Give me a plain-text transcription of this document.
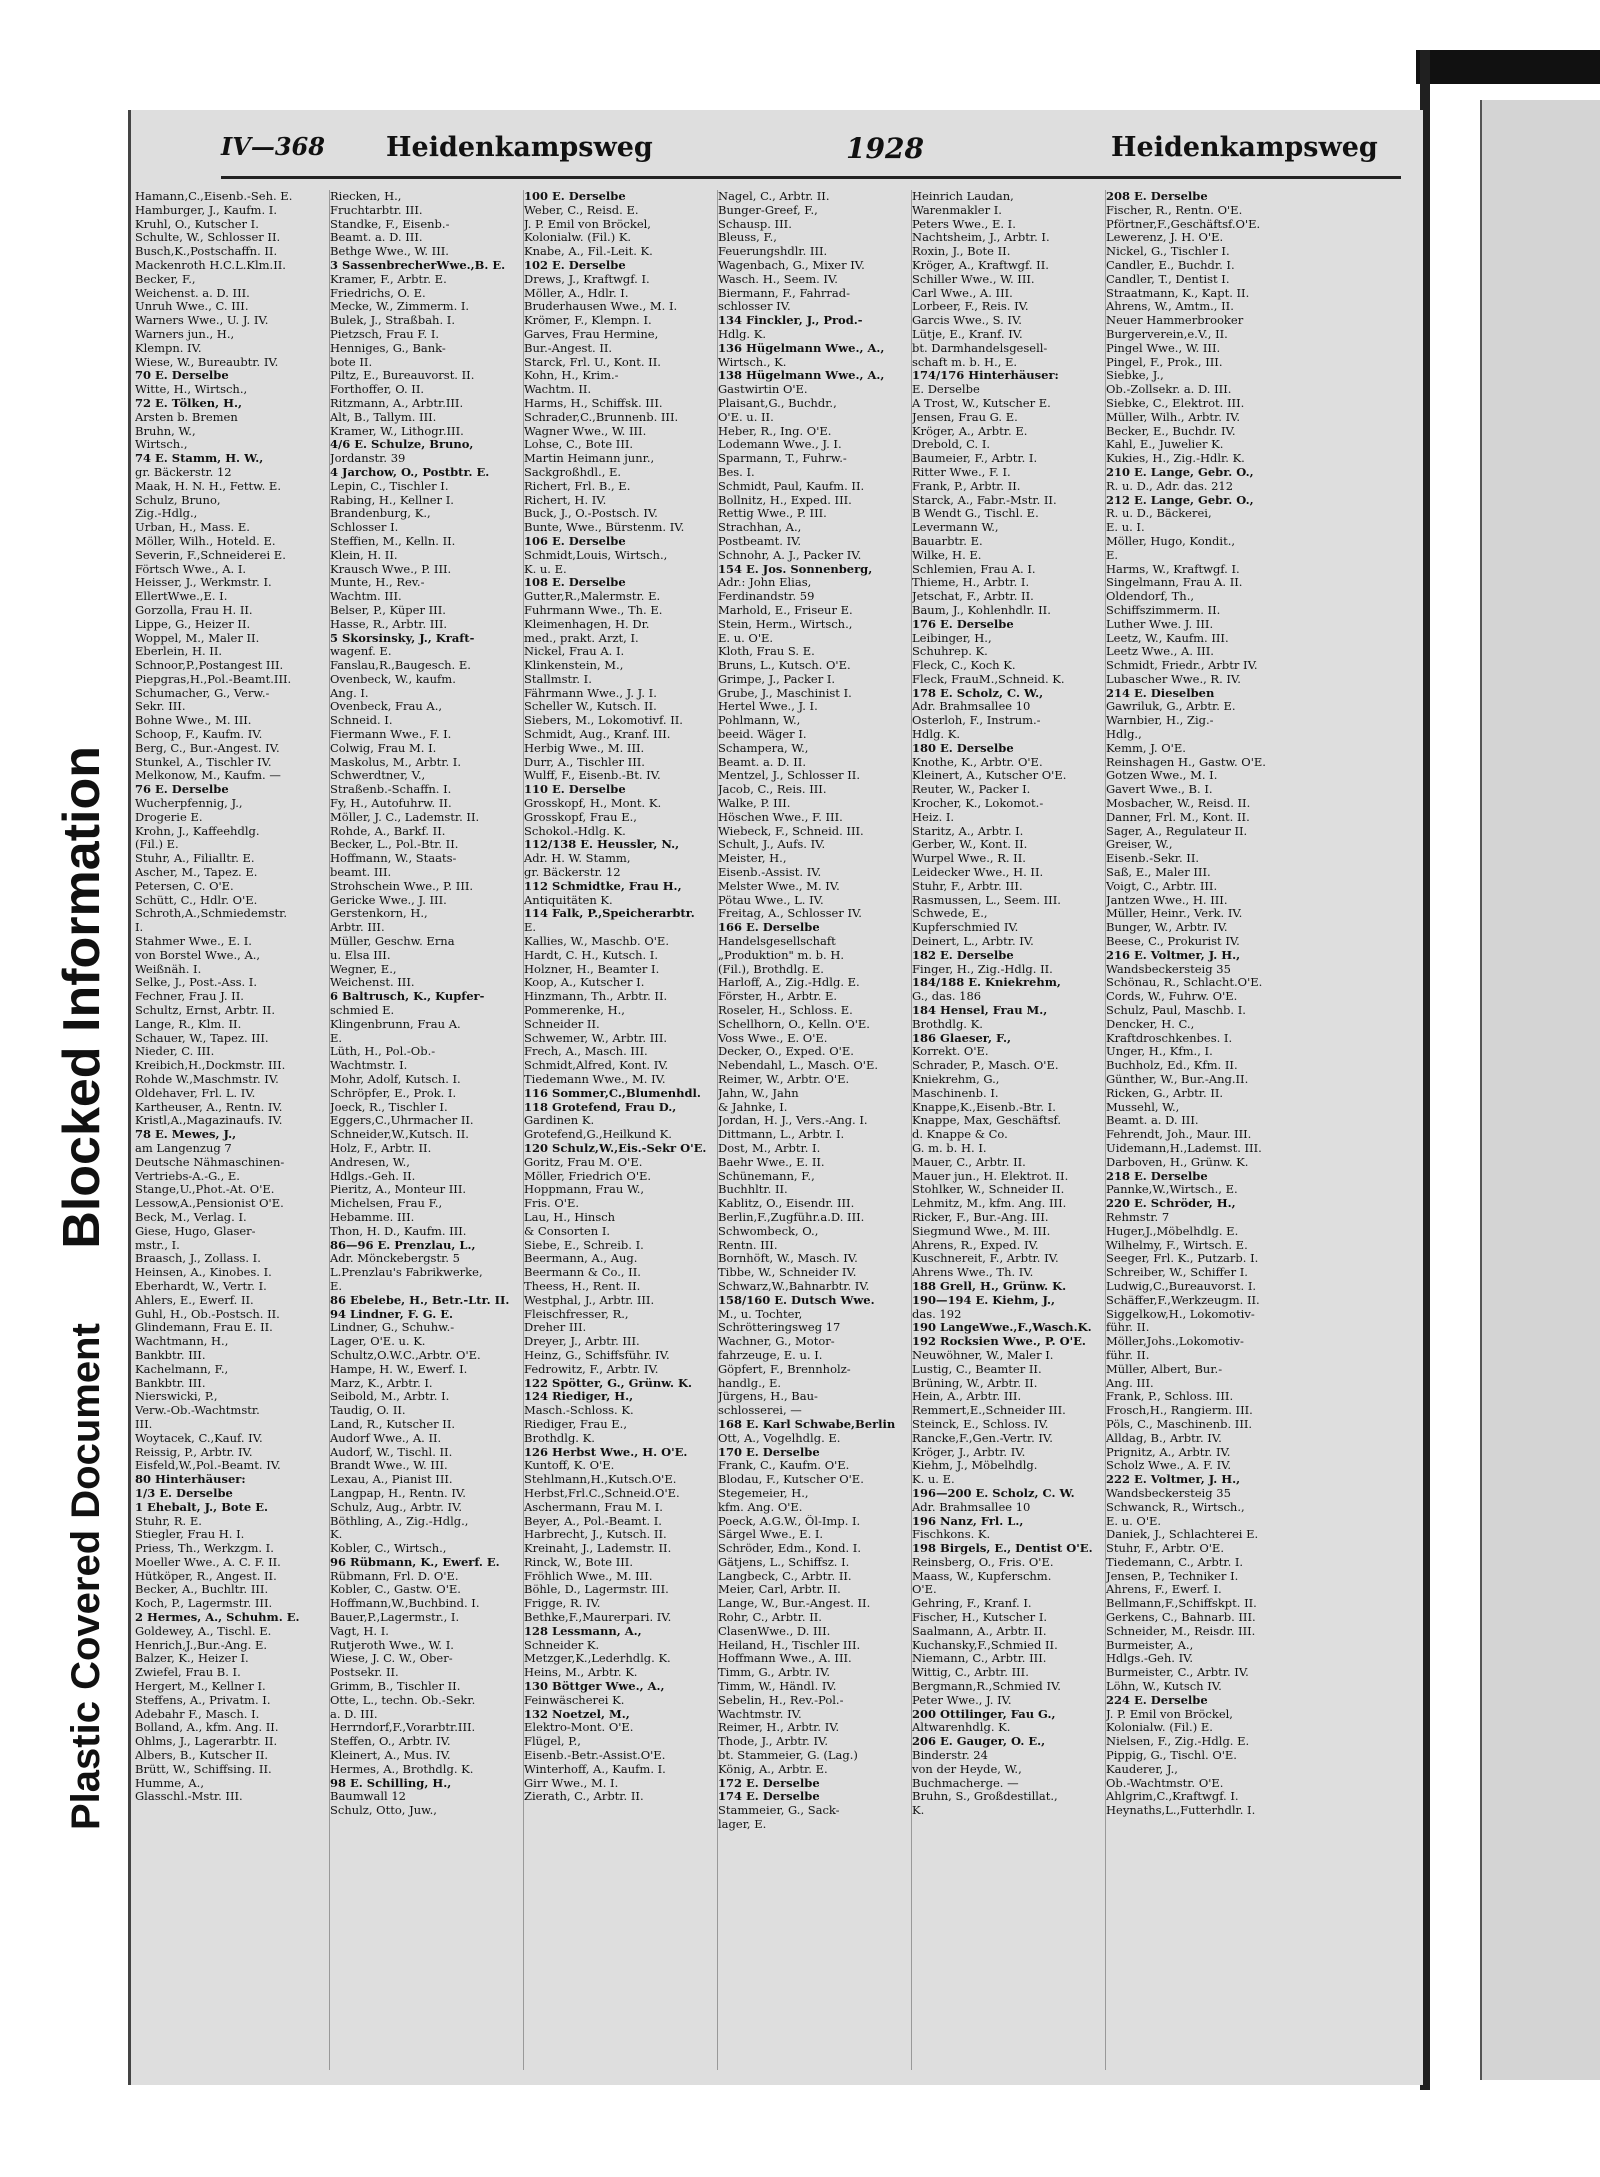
Plastic Covered Document Blocked Information
IV—368 Heidenkampsweg	1928	Heidenkampsweg
Hamann,C.,Eisenb.-Seh. E.
Hamburger, J., Kaufm. I.
Kruhl, O., Kutscher I.
Schulte, W., Schlosser II.
Busch,K.,Postschaffn. II.
Mackenroth H.C.L.Klm.II.
Becker, F.,
Weichenst. a. D. III.
Unruh Wwe., C. III.
Warners Wwe., U. J. IV.
Warners jun., H.,
Klempn. IV.
Wiese, W., Bureaubtr. IV.
70 E. Derselbe
Witte, H., Wirtsch.,
72 E. Tölken, H.,
Arsten b. Bremen
Bruhn, W.,
Wirtsch.,
74 E. Stamm, H. W.,
gr. Bäckerstr. 12
Maak, H. N. H., Fettw. E.
Schulz, Bruno,
Zig.-Hdlg.,
Urban, H., Mass. E.
Möller, Wilh., Hoteld. E.
Severin, F.,Schneiderei E.
Förtsch Wwe., A. I.
Heisser, J., Werkmstr. I.
EllertWwe.,E. I.
Gorzolla, Frau H. II.
Lippe, G., Heizer II.
Woppel, M., Maler II.
Eberlein, H. II.
Schnoor,P.,Postangest III.
Piepgras,H.,Pol.-Beamt.III.
Schumacher, G., Verw.-
Sekr. III.
Bohne Wwe., M. III.
Schoop, F., Kaufm. IV.
Berg, C., Bur.-Angest. IV.
Stunkel, A., Tischler IV.
Melkonow, M., Kaufm. —
76 E. Derselbe
Wucherpfennig, J.,
Drogerie E.
Krohn, J., Kaffeehdlg.
(Fil.) E.
Stuhr, A., Filialltr. E.
Ascher, M., Tapez. E.
Petersen, C. O'E.
Schütt, C., Hdlr. O'E.
Schroth,A.,Schmiedemstr.
I.
Stahmer Wwe., E. I.
von Borstel Wwe., A.,
Weißnäh. I.
Selke, J., Post.-Ass. I.
Fechner, Frau J. II.
Schultz, Ernst, Arbtr. II.
Lange, R., Klm. II.
Schauer, W., Tapez. III.
Nieder, C. III.
Kreibich,H.,Dockmstr. III.
Rohde W.,Maschmstr. IV.
Oldehaver, Frl. L. IV.
Kartheuser, A., Rentn. IV.
Kristl,A.,Magazinaufs. IV.
78 E. Mewes, J.,
am Langenzug 7
Deutsche Nähmaschinen-
Vertriebs-A.-G., E.
Stange,U.,Phot.-At. O'E.
Lessow,A.,Pensionist O'E.
Beck, M., Verlag. I.
Giese, Hugo, Glaser-
mstr., I.
Braasch, J., Zollass. I.
Heinsen, A., Kinobes. I.
Eberhardt, W., Vertr. I.
Ahlers, E., Ewerf. II.
Guhl, H., Ob.-Postsch. II.
Glindemann, Frau E. II.
Wachtmann, H.,
Bankbtr. III.
Kachelmann, F.,
Bankbtr. III.
Nierswicki, P.,
Verw.-Ob.-Wachtmstr.
III.
Woytacek, C.,Kauf. IV.
Reissig, P., Arbtr. IV.
Eisfeld,W.,Pol.-Beamt. IV.
80 Hinterhäuser:
1/3 E. Derselbe
1 Ehebalt, J., Bote E.
Stuhr, R. E.
Stiegler, Frau H. I.
Priess, Th., Werkzgm. I.
Moeller Wwe., A. C. F. II.
Hütköper, R., Angest. II.
Becker, A., Buchltr. III.
Koch, P., Lagermstr. III.
2 Hermes, A., Schuhm. E.
Goldewey, A., Tischl. E.
Henrich,J.,Bur.-Ang. E.
Balzer, K., Heizer I.
Zwiefel, Frau B. I.
Hergert, M., Kellner I.
Steffens, A., Privatm. I.
Adebahr F., Masch. I.
Bolland, A., kfm. Ang. II.
Ohlms, J., Lagerarbtr. II.
Albers, B., Kutscher II.
Brütt, W., Schiffsing. II.
Humme, A.,
Glasschl.-Mstr. III.
Riecken, H.,
Fruchtarbtr. III.
Standke, F., Eisenb.-
Beamt. a. D. III.
Bethge Wwe., W. III.
3 SassenbrecherWwe.,B. E.
Kramer, F., Arbtr. E.
Friedrichs, O. E.
Mecke, W., Zimmerm. I.
Bulek, J., Straßbah. I.
Pietzsch, Frau F. I.
Henniges, G., Bank-
bote II.
Piltz, E., Bureauvorst. II.
Forthoffer, O. II.
Ritzmann, A., Arbtr.III.
Alt, B., Tallym. III.
Kramer, W., Lithogr.III.
4/6 E. Schulze, Bruno,
Jordanstr. 39
4 Jarchow, O., Postbtr. E.
Lepin, C., Tischler I.
Rabing, H., Kellner I.
Brandenburg, K.,
Schlosser I.
Steffien, M., Kelln. II.
Klein, H. II.
Krausch Wwe., P. III.
Munte, H., Rev.-
Wachtm. III.
Belser, P., Küper III.
Hasse, R., Arbtr. III.
5 Skorsinsky, J., Kraft-
wagenf. E.
Fanslau,R.,Baugesch. E.
Ovenbeck, W., kaufm.
Ang. I.
Ovenbeck, Frau A.,
Schneid. I.
Fiermann Wwe., F. I.
Colwig, Frau M. I.
Maskolus, M., Arbtr. I.
Schwerdtner, V.,
Straßenb.-Schaffn. I.
Fy, H., Autofuhrw. II.
Möller, J. C., Lademstr. II.
Rohde, A., Barkf. II.
Becker, L., Pol.-Btr. II.
Hoffmann, W., Staats-
beamt. III.
Strohschein Wwe., P. III.
Gericke Wwe., J. III.
Gerstenkorn, H.,
Arbtr. III.
Müller, Geschw. Erna
u. Elsa III.
Wegner, E.,
Weichenst. III.
6 Baltrusch, K., Kupfer-
schmied E.
Klingenbrunn, Frau A.
E.
Lüth, H., Pol.-Ob.-
Wachtmstr. I.
Mohr, Adolf, Kutsch. I.
Schröpfer, E., Prok. I.
Joeck, R., Tischler I.
Eggers,C.,Uhrmacher II.
Schneider,W.,Kutsch. II.
Holz, F., Arbtr. II.
Andresen, W.,
Hdlgs.-Geh. II.
Pieritz, A., Monteur III.
Michelsen, Frau F.,
Hebamme. III.
Thon, H. D., Kaufm. III.
86—96 E. Prenzlau, L.,
Adr. Mönckebergstr. 5
L.Prenzlau's Fabrikwerke,
E.
86 Ebelebe, H., Betr.-Ltr. II.
94 Lindner, F. G. E.
Lindner, G., Schuhw.-
Lager, O'E. u. K.
Schultz,O.W.C.,Arbtr. O'E.
Hampe, H. W., Ewerf. I.
Marz, K., Arbtr. I.
Seibold, M., Arbtr. I.
Taudig, O. II.
Land, R., Kutscher II.
Audorf Wwe., A. II.
Audorf, W., Tischl. II.
Brandt Wwe., W. III.
Lexau, A., Pianist III.
Langpap, H., Rentn. IV.
Schulz, Aug., Arbtr. IV.
Böthling, A., Zig.-Hdlg.,
K.
Kobler, C., Wirtsch.,
96 Rübmann, K., Ewerf. E.
Rübmann, Frl. D. O'E.
Kobler, C., Gastw. O'E.
Hoffmann,W.,Buchbind. I.
Bauer,P.,Lagermstr., I.
Vagt, H. I.
Rutjeroth Wwe., W. I.
Wiese, J. C. W., Ober-
Postsekr. II.
Grimm, B., Tischler II.
Otte, L., techn. Ob.-Sekr.
a. D. III.
Herrndorf,F.,Vorarbtr.III.
Steffen, O., Arbtr. IV.
Kleinert, A., Mus. IV.
Hermes, A., Brothdlg. K.
98 E. Schilling, H.,
Baumwall 12
Schulz, Otto, Juw.,
100 E. Derselbe
Weber, C., Reisd. E.
J. P. Emil von Bröckel,
Kolonialw. (Fil.) K.
Knabe, A., Fil.-Leit. K.
102 E. Derselbe
Drews, J., Kraftwgf. I.
Möller, A., Hdlr. I.
Bruderhausen Wwe., M. I.
Krömer, F., Klempn. I.
Garves, Frau Hermine,
Bur.-Angest. II.
Starck, Frl. U., Kont. II.
Kohn, H., Krim.-
Wachtm. II.
Harms, H., Schiffsk. III.
Schrader,C.,Brunnenb. III.
Wagner Wwe., W. III.
Lohse, C., Bote III.
Martin Heimann junr.,
Sackgroßhdl., E.
Richert, Frl. B., E.
Richert, H. IV.
Buck, J., O.-Postsch. IV.
Bunte, Wwe., Bürstenm. IV.
106 E. Derselbe
Schmidt,Louis, Wirtsch.,
K. u. E.
108 E. Derselbe
Gutter,R.,Malermstr. E.
Fuhrmann Wwe., Th. E.
Kleimenhagen, H. Dr.
med., prakt. Arzt, I.
Nickel, Frau A. I.
Klinkenstein, M.,
Stallmstr. I.
Fährmann Wwe., J. J. I.
Scheller W., Kutsch. II.
Siebers, M., Lokomotivf. II.
Schmidt, Aug., Kranf. III.
Herbig Wwe., M. III.
Durr, A., Tischler III.
Wulff, F., Eisenb.-Bt. IV.
110 E. Derselbe
Grosskopf, H., Mont. K.
Grosskopf, Frau E.,
Schokol.-Hdlg. K.
112/138 E. Heussler, N.,
Adr. H. W. Stamm,
gr. Bäckerstr. 12
112 Schmidtke, Frau H.,
Antiquitäten K.
114 Falk, P.,Speicherarbtr.
E.
Kallies, W., Maschb. O'E.
Hardt, C. H., Kutsch. I.
Holzner, H., Beamter I.
Koop, A., Kutscher I.
Hinzmann, Th., Arbtr. II.
Pommerenke, H.,
Schneider II.
Schwemer, W., Arbtr. III.
Frech, A., Masch. III.
Schmidt,Alfred, Kont. IV.
Tiedemann Wwe., M. IV.
116 Sommer,C.,Blumenhdl.
118 Grotefend, Frau D.,
Gardinen K.
Grotefend,G.,Heilkund K.
120 Schulz,W.,Eis.-Sekr O'E.
Goritz, Frau M. O'E.
Möller, Friedrich O'E.
Hoppmann, Frau W.,
Fris. O'E.
Lau, H., Hinsch
& Consorten I.
Siebe, E., Schreib. I.
Beermann, A., Aug.
Beermann & Co., II.
Theess, H., Rent. II.
Westphal, J., Arbtr. III.
Fleischfresser, R.,
Dreher III.
Dreyer, J., Arbtr. III.
Heinz, G., Schiffsführ. IV.
Fedrowitz, F., Arbtr. IV.
122 Spötter, G., Grünw. K.
124 Riediger, H.,
Masch.-Schloss. K.
Riediger, Frau E.,
Brothdlg. K.
126 Herbst Wwe., H. O'E.
Kuntoff, K. O'E.
Stehlmann,H.,Kutsch.O'E.
Herbst,Frl.C.,Schneid.O'E.
Aschermann, Frau M. I.
Beyer, A., Pol.-Beamt. I.
Harbrecht, J., Kutsch. II.
Kreinaht, J., Lademstr. II.
Rinck, W., Bote III.
Fröhlich Wwe., M. III.
Böhle, D., Lagermstr. III.
Frigge, R. IV.
Bethke,F.,Maurerpari. IV.
128 Lessmann, A.,
Schneider K.
Metzger,K.,Lederhdlg. K.
Heins, M., Arbtr. K.
130 Böttger Wwe., A.,
Feinwäscherei K.
132 Noetzel, M.,
Elektro-Mont. O'E.
Flügel, P.,
Eisenb.-Betr.-Assist.O'E.
Winterhoff, A., Kaufm. I.
Girr Wwe., M. I.
Zierath, C., Arbtr. II.
Nagel, C., Arbtr. II.
Bunger-Greef, F.,
Schausp. III.
Bleuss, F.,
Feuerungshdlr. III.
Wagenbach, G., Mixer IV.
Wasch. H., Seem. IV.
Biermann, F., Fahrrad-
schlosser IV.
134 Finckler, J., Prod.-
Hdlg. K.
136 Hügelmann Wwe., A.,
Wirtsch., K.
138 Hügelmann Wwe., A.,
Gastwirtin O'E.
Plaisant,G., Buchdr.,
O'E. u. II.
Heber, R., Ing. O'E.
Lodemann Wwe., J. I.
Sparmann, T., Fuhrw.-
Bes. I.
Schmidt, Paul, Kaufm. II.
Bollnitz, H., Exped. III.
Rettig Wwe., P. III.
Strachhan, A.,
Postbeamt. IV.
Schnohr, A. J., Packer IV.
154 E. Jos. Sonnenberg,
Adr.: John Elias,
Ferdinandstr. 59
Marhold, E., Friseur E.
Stein, Herm., Wirtsch.,
E. u. O'E.
Kloth, Frau S. E.
Bruns, L., Kutsch. O'E.
Grimpe, J., Packer I.
Grube, J., Maschinist I.
Hertel Wwe., J. I.
Pohlmann, W.,
beeid. Wäger I.
Schampera, W.,
Beamt. a. D. II.
Mentzel, J., Schlosser II.
Jacob, C., Reis. III.
Walke, P. III.
Höschen Wwe., F. III.
Wiebeck, F., Schneid. III.
Schult, J., Aufs. IV.
Meister, H.,
Eisenb.-Assist. IV.
Melster Wwe., M. IV.
Pötau Wwe., L. IV.
Freitag, A., Schlosser IV.
166 E. Derselbe
Handelsgesellschaft
„Produktion" m. b. H.
(Fil.), Brothdlg. E.
Harloff, A., Zig.-Hdlg. E.
Förster, H., Arbtr. E.
Roseler, H., Schloss. E.
Schellhorn, O., Kelln. O'E.
Voss Wwe., E. O'E.
Decker, O., Exped. O'E.
Nebendahl, L., Masch. O'E.
Reimer, W., Arbtr. O'E.
Jahn, W., Jahn
& Jahnke, I.
Jordan, H. J., Vers.-Ang. I.
Dittmann, L., Arbtr. I.
Dost, M., Arbtr. I.
Baehr Wwe., E. II.
Schünemann, F.,
Buchhltr. II.
Kablitz, O., Eisendr. III.
Berlin,F.,Zugführ.a.D. III.
Schwombeck, O.,
Rentn. III.
Bornhöft, W., Masch. IV.
Tibbe, W., Schneider IV.
Schwarz,W.,Bahnarbtr. IV.
158/160 E. Dutsch Wwe.
M., u. Tochter,
Schrötteringsweg 17
Wachner, G., Motor-
fahrzeuge, E. u. I.
Göpfert, F., Brennholz-
handlg., E.
Jürgens, H., Bau-
schlosserei, —
168 E. Karl Schwabe,Berlin
Ott, A., Vogelhdlg. E.
170 E. Derselbe
Frank, C., Kaufm. O'E.
Blodau, F., Kutscher O'E.
Stegemeier, H.,
kfm. Ang. O'E.
Poeck, A.G.W., Öl-Imp. I.
Särgel Wwe., E. I.
Schröder, Edm., Kond. I.
Gätjens, L., Schiffsz. I.
Langbeck, C., Arbtr. II.
Meier, Carl, Arbtr. II.
Lange, W., Bur.-Angest. II.
Rohr, C., Arbtr. II.
ClasenWwe., D. III.
Heiland, H., Tischler III.
Hoffmann Wwe., A. III.
Timm, G., Arbtr. IV.
Timm, W., Händl. IV.
Sebelin, H., Rev.-Pol.-
Wachtmstr. IV.
Reimer, H., Arbtr. IV.
Thode, J., Arbtr. IV.
bt. Stammeier, G. (Lag.)
König, A., Arbtr. E.
172 E. Derselbe
174 E. Derselbe
Stammeier, G., Sack-
lager, E.
Heinrich Laudan,
Warenmakler I.
Peters Wwe., E. I.
Nachtsheim, J., Arbtr. I.
Roxin, J., Bote II.
Kröger, A., Kraftwgf. II.
Schiller Wwe., W. III.
Carl Wwe., A. III.
Lorbeer, F., Reis. IV.
Garcis Wwe., S. IV.
Lütje, E., Kranf. IV.
bt. Darmhandelsgesell-
schaft m. b. H., E.
174/176 Hinterhäuser:
E. Derselbe
A Trost, W., Kutscher E.
Jensen, Frau G. E.
Kröger, A., Arbtr. E.
Drebold, C. I.
Baumeier, F., Arbtr. I.
Ritter Wwe., F. I.
Frank, P., Arbtr. II.
Starck, A., Fabr.-Mstr. II.
B Wendt G., Tischl. E.
Levermann W.,
Bauarbtr. E.
Wilke, H. E.
Schlemien, Frau A. I.
Thieme, H., Arbtr. I.
Jetschat, F., Arbtr. II.
Baum, J., Kohlenhdlr. II.
176 E. Derselbe
Leibinger, H.,
Schuhrep. K.
Fleck, C., Koch K.
Fleck, FrauM.,Schneid. K.
178 E. Scholz, C. W.,
Adr. Brahmsallee 10
Osterloh, F., Instrum.-
Hdlg. K.
180 E. Derselbe
Knothe, K., Arbtr. O'E.
Kleinert, A., Kutscher O'E.
Reuter, W., Packer I.
Krocher, K., Lokomot.-
Heiz. I.
Staritz, A., Arbtr. I.
Gerber, W., Kont. II.
Wurpel Wwe., R. II.
Leidecker Wwe., H. II.
Stuhr, F., Arbtr. III.
Rasmussen, L., Seem. III.
Schwede, E.,
Kupferschmied IV.
Deinert, L., Arbtr. IV.
182 E. Derselbe
Finger, H., Zig.-Hdlg. II.
184/188 E. Kniekrehm,
G., das. 186
184 Hensel, Frau M.,
Brothdlg. K.
186 Glaeser, F.,
Korrekt. O'E.
Schrader, P., Masch. O'E.
Kniekrehm, G.,
Maschinenb. I.
Knappe,K.,Eisenb.-Btr. I.
Knappe, Max, Geschäftsf.
d. Knappe & Co.
G. m. b. H. I.
Mauer, C., Arbtr. II.
Mauer jun., H. Elektrot. II.
Stohlker, W., Schneider II.
Lehmitz, M., kfm. Ang. III.
Ricker, F., Bur.-Ang. III.
Siegmund Wwe., M. III.
Ahrens, R., Exped. IV.
Kuschnereit, F., Arbtr. IV.
Ahrens Wwe., Th. IV.
188 Grell, H., Grünw. K.
190—194 E. Kiehm, J.,
das. 192
190 LangeWwe.,F.,Wasch.K.
192 Rocksien Wwe., P. O'E.
Neuwöhner, W., Maler I.
Lustig, C., Beamter II.
Brüning, W., Arbtr. II.
Hein, A., Arbtr. III.
Remmert,E.,Schneider III.
Steinck, E., Schloss. IV.
Rancke,F.,Gen.-Vertr. IV.
Kröger, J., Arbtr. IV.
Kiehm, J., Möbelhdlg.
K. u. E.
196—200 E. Scholz, C. W.
Adr. Brahmsallee 10
196 Nanz, Frl. L.,
Fischkons. K.
198 Birgels, E., Dentist O'E.
Reinsberg, O., Fris. O'E.
Maass, W., Kupferschm.
O'E.
Gehring, F., Kranf. I.
Fischer, H., Kutscher I.
Saalmann, A., Arbtr. II.
Kuchansky,F.,Schmied II.
Niemann, C., Arbtr. III.
Wittig, C., Arbtr. III.
Bergmann,R.,Schmied IV.
Peter Wwe., J. IV.
200 Ottilinger, Fau G.,
Altwarenhdlg. K.
206 E. Gauger, O. E.,
Binderstr. 24
von der Heyde, W.,
Buchmacherge. —
Bruhn, S., Großdestillat.,
K.
208 E. Derselbe
Fischer, R., Rentn. O'E.
Pförtner,F.,Geschäftsf.O'E.
Lewerenz, J. H. O'E.
Nickel, G., Tischler I.
Candler, E., Buchdr. I.
Candler, T., Dentist I.
Straatmann, K., Kapt. II.
Ahrens, W., Amtm., II.
Neuer Hammerbrooker
Burgerverein,e.V., II.
Pingel Wwe., W. III.
Pingel, F., Prok., III.
Siebke, J.,
Ob.-Zollsekr. a. D. III.
Siebke, C., Elektrot. III.
Müller, Wilh., Arbtr. IV.
Becker, E., Buchdr. IV.
Kahl, E., Juwelier K.
Kukies, H., Zig.-Hdlr. K.
210 E. Lange, Gebr. O.,
R. u. D., Adr. das. 212
212 E. Lange, Gebr. O.,
R. u. D., Bäckerei,
E. u. I.
Möller, Hugo, Kondit.,
E.
Harms, W., Kraftwgf. I.
Singelmann, Frau A. II.
Oldendorf, Th.,
Schiffszimmerm. II.
Luther Wwe. J. III.
Leetz, W., Kaufm. III.
Leetz Wwe., A. III.
Schmidt, Friedr., Arbtr IV.
Lubascher Wwe., R. IV.
214 E. Dieselben
Gawriluk, G., Arbtr. E.
Warnbier, H., Zig.-
Hdlg.,
Kemm, J. O'E.
Reinshagen H., Gastw. O'E.
Gotzen Wwe., M. I.
Gavert Wwe., B. I.
Mosbacher, W., Reisd. II.
Danner, Frl. M., Kont. II.
Sager, A., Regulateur II.
Greiser, W.,
Eisenb.-Sekr. II.
Saß, E., Maler III.
Voigt, C., Arbtr. III.
Jantzen Wwe., H. III.
Müller, Heinr., Verk. IV.
Bunger, W., Arbtr. IV.
Beese, C., Prokurist IV.
216 E. Voltmer, J. H.,
Wandsbeckersteig 35
Schönau, R., Schlacht.O'E.
Cords, W., Fuhrw. O'E.
Schulz, Paul, Maschb. I.
Dencker, H. C.,
Kraftdroschkenbes. I.
Unger, H., Kfm., I.
Buchholz, Ed., Kfm. II.
Günther, W., Bur.-Ang.II.
Ricken, G., Arbtr. II.
Mussehl, W.,
Beamt. a. D. III.
Fehrendt, Joh., Maur. III.
Uidemann,H.,Lademst. III.
Darboven, H., Grünw. K.
218 E. Derselbe
Pannke,W.,Wirtsch., E.
220 E. Schröder, H.,
Rehmstr. 7
Huger,J.,Möbelhdlg. E.
Wilhelmy, F., Wirtsch. E.
Seeger, Frl. K., Putzarb. I.
Schreiber, W., Schiffer I.
Ludwig,C.,Bureauvorst. I.
Schäffer,F.,Werkzeugm. II.
Siggelkow,H., Lokomotiv-
führ. II.
Möller,Johs.,Lokomotiv-
führ. II.
Müller, Albert, Bur.-
Ang. III.
Frank, P., Schloss. III.
Frosch,H., Rangierm. III.
Pöls, C., Maschinenb. III.
Alldag, B., Arbtr. IV.
Prignitz, A., Arbtr. IV.
Scholz Wwe., A. F. IV.
222 E. Voltmer, J. H.,
Wandsbeckersteig 35
Schwanck, R., Wirtsch.,
E. u. O'E.
Daniek, J., Schlachterei E.
Stuhr, F., Arbtr. O'E.
Tiedemann, C., Arbtr. I.
Jensen, P., Techniker I.
Ahrens, F., Ewerf. I.
Bellmann,F.,Schiffskpt. II.
Gerkens, C., Bahnarb. III.
Schneider, M., Reisdr. III.
Burmeister, A.,
Hdlgs.-Geh. IV.
Burmeister, C., Arbtr. IV.
Löhn, W., Kutsch IV.
224 E. Derselbe
J. P. Emil von Bröckel,
Kolonialw. (Fil.) E.
Nielsen, F., Zig.-Hdlg. E.
Pippig, G., Tischl. O'E.
Kauderer, J.,
Ob.-Wachtmstr. O'E.
Ahlgrim,C.,Kraftwgf. I.
Heynaths,L.,Futterhdlr. I.
